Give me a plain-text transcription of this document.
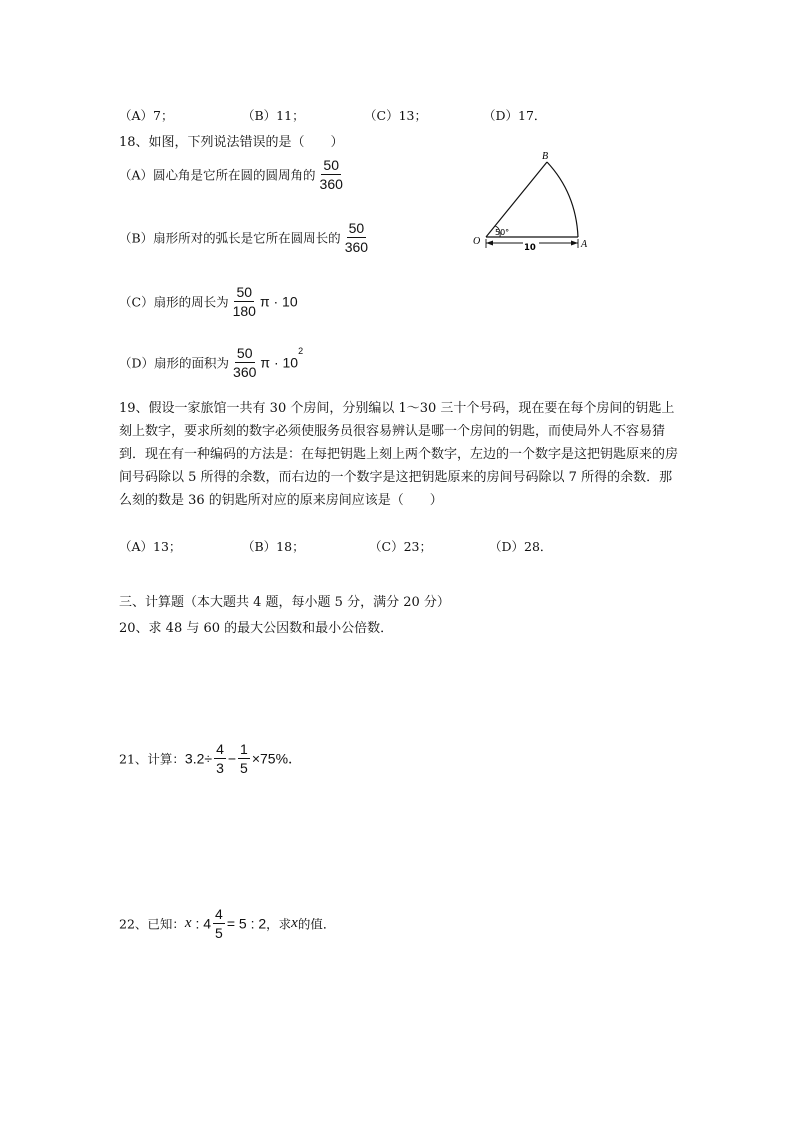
（A）7；	（B）11；	（C）13；	（D）17．
18、如图，下列说法错误的是（　　）
（A）圆心角是它所在圆的圆周角的 $\frac{50}{360}$
（B）扇形所对的弧长是它所在圆周长的 $\frac{50}{360}$
（C）扇形的周长为 $\frac{50}{180}$ π · 10
（D）扇形的面积为 $\frac{50}{360}$ $\pi \cdot 10^2$
B
O	A
50°
10
19、假设一家旅馆一共有 30 个房间，分别编以 1～30 三十个号码，现在要在每个房间的钥匙上刻上数字，要求所刻的数字必须使服务员很容易辨认是哪一个房间的钥匙，而使局外人不容易猜到．现在有一种编码的方法是：在每把钥匙上刻上两个数字，左边的一个数字是这把钥匙原来的房间号码除以 5 所得的余数，而右边的一个数字是这把钥匙原来的房间号码除以 7 所得的余数．那么刻的数是 36 的钥匙所对应的原来房间应该是（　　）
（A）13；	（B）18；	（C）23；	（D）28．
三、计算题（本大题共 4 题，每小题 5 分，满分 20 分）
20、求 48 与 60 的最大公因数和最小公倍数．
21、计算：$3.2\div \frac{4}{3} - \frac{1}{5} \times 75\%$．
22、已知：x : $4 \frac{4}{5} = 5$ : 2，求x的值．
